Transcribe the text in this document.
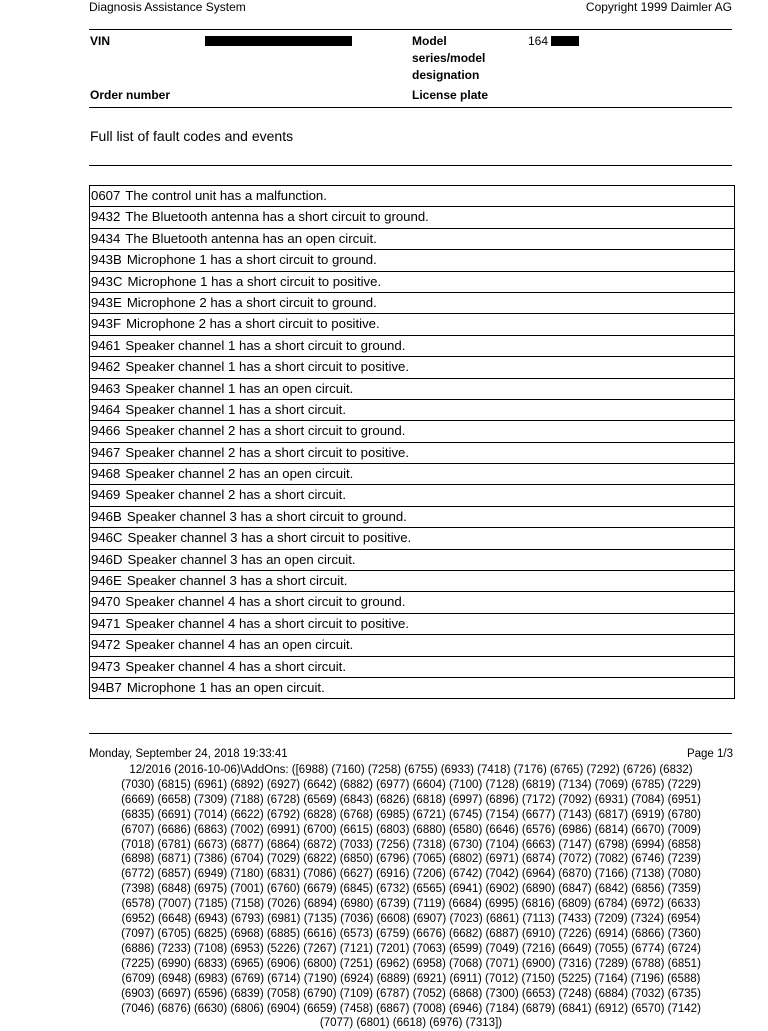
Diagnosis Assistance System	Copyright 1999 Daimler AG
VIN	Model
series/model
designation
164
Order number	License plate
Full list of fault codes and events
0607 The control unit has a malfunction.
9432 The Bluetooth antenna has a short circuit to ground.
9434 The Bluetooth antenna has an open circuit.
943B Microphone 1 has a short circuit to ground.
943C Microphone 1 has a short circuit to positive.
943E Microphone 2 has a short circuit to ground.
943F Microphone 2 has a short circuit to positive.
9461 Speaker channel 1 has a short circuit to ground.
9462 Speaker channel 1 has a short circuit to positive.
9463 Speaker channel 1 has an open circuit.
9464 Speaker channel 1 has a short circuit.
9466 Speaker channel 2 has a short circuit to ground.
9467 Speaker channel 2 has a short circuit to positive.
9468 Speaker channel 2 has an open circuit.
9469 Speaker channel 2 has a short circuit.
946B Speaker channel 3 has a short circuit to ground.
946C Speaker channel 3 has a short circuit to positive.
946D Speaker channel 3 has an open circuit.
946E Speaker channel 3 has a short circuit.
9470 Speaker channel 4 has a short circuit to ground.
9471 Speaker channel 4 has a short circuit to positive.
9472 Speaker channel 4 has an open circuit.
9473 Speaker channel 4 has a short circuit.
94B7 Microphone 1 has an open circuit.
Monday, September 24, 2018 19:33:41	Page 1/3
12/2016 (2016-10-06)\AddOns: ([6988) (7160) (7258) (6755) (6933) (7418) (7176) (6765) (7292) (6726) (6832)
(7030) (6815) (6961) (6892) (6927) (6642) (6882) (6977) (6604) (7100) (7128) (6819) (7134) (7069) (6785) (7229)
(6669) (6658) (7309) (7188) (6728) (6569) (6843) (6826) (6818) (6997) (6896) (7172) (7092) (6931) (7084) (6951)
(6835) (6691) (7014) (6622) (6792) (6828) (6768) (6985) (6721) (6745) (7154) (6677) (7143) (6817) (6919) (6780)
(6707) (6686) (6863) (7002) (6991) (6700) (6615) (6803) (6880) (6580) (6646) (6576) (6986) (6814) (6670) (7009)
(7018) (6781) (6673) (6877) (6864) (6872) (7033) (7256) (7318) (6730) (7104) (6663) (7147) (6798) (6994) (6858)
(6898) (6871) (7386) (6704) (7029) (6822) (6850) (6796) (7065) (6802) (6971) (6874) (7072) (7082) (6746) (7239)
(6772) (6857) (6949) (7180) (6831) (7086) (6627) (6916) (7206) (6742) (7042) (6964) (6870) (7166) (7138) (7080)
(7398) (6848) (6975) (7001) (6760) (6679) (6845) (6732) (6565) (6941) (6902) (6890) (6847) (6842) (6856) (7359)
(6578) (7007) (7185) (7158) (7026) (6894) (6980) (6739) (7119) (6684) (6995) (6816) (6809) (6784) (6972) (6633)
(6952) (6648) (6943) (6793) (6981) (7135) (7036) (6608) (6907) (7023) (6861) (7113) (7433) (7209) (7324) (6954)
(7097) (6705) (6825) (6968) (6885) (6616) (6573) (6759) (6676) (6682) (6887) (6910) (7226) (6914) (6866) (7360)
(6886) (7233) (7108) (6953) (5226) (7267) (7121) (7201) (7063) (6599) (7049) (7216) (6649) (7055) (6774) (6724)
(7225) (6990) (6833) (6965) (6906) (6800) (7251) (6962) (6958) (7068) (7071) (6900) (7316) (7289) (6788) (6851)
(6709) (6948) (6983) (6769) (6714) (7190) (6924) (6889) (6921) (6911) (7012) (7150) (5225) (7164) (7196) (6588)
(6903) (6697) (6596) (6839) (7058) (6790) (7109) (6787) (7052) (6868) (7300) (6653) (7248) (6884) (7032) (6735)
(7046) (6876) (6630) (6806) (6904) (6659) (7458) (6867) (7008) (6946) (7184) (6879) (6841) (6912) (6570) (7142)
(7077) (6801) (6618) (6976) (7313])
